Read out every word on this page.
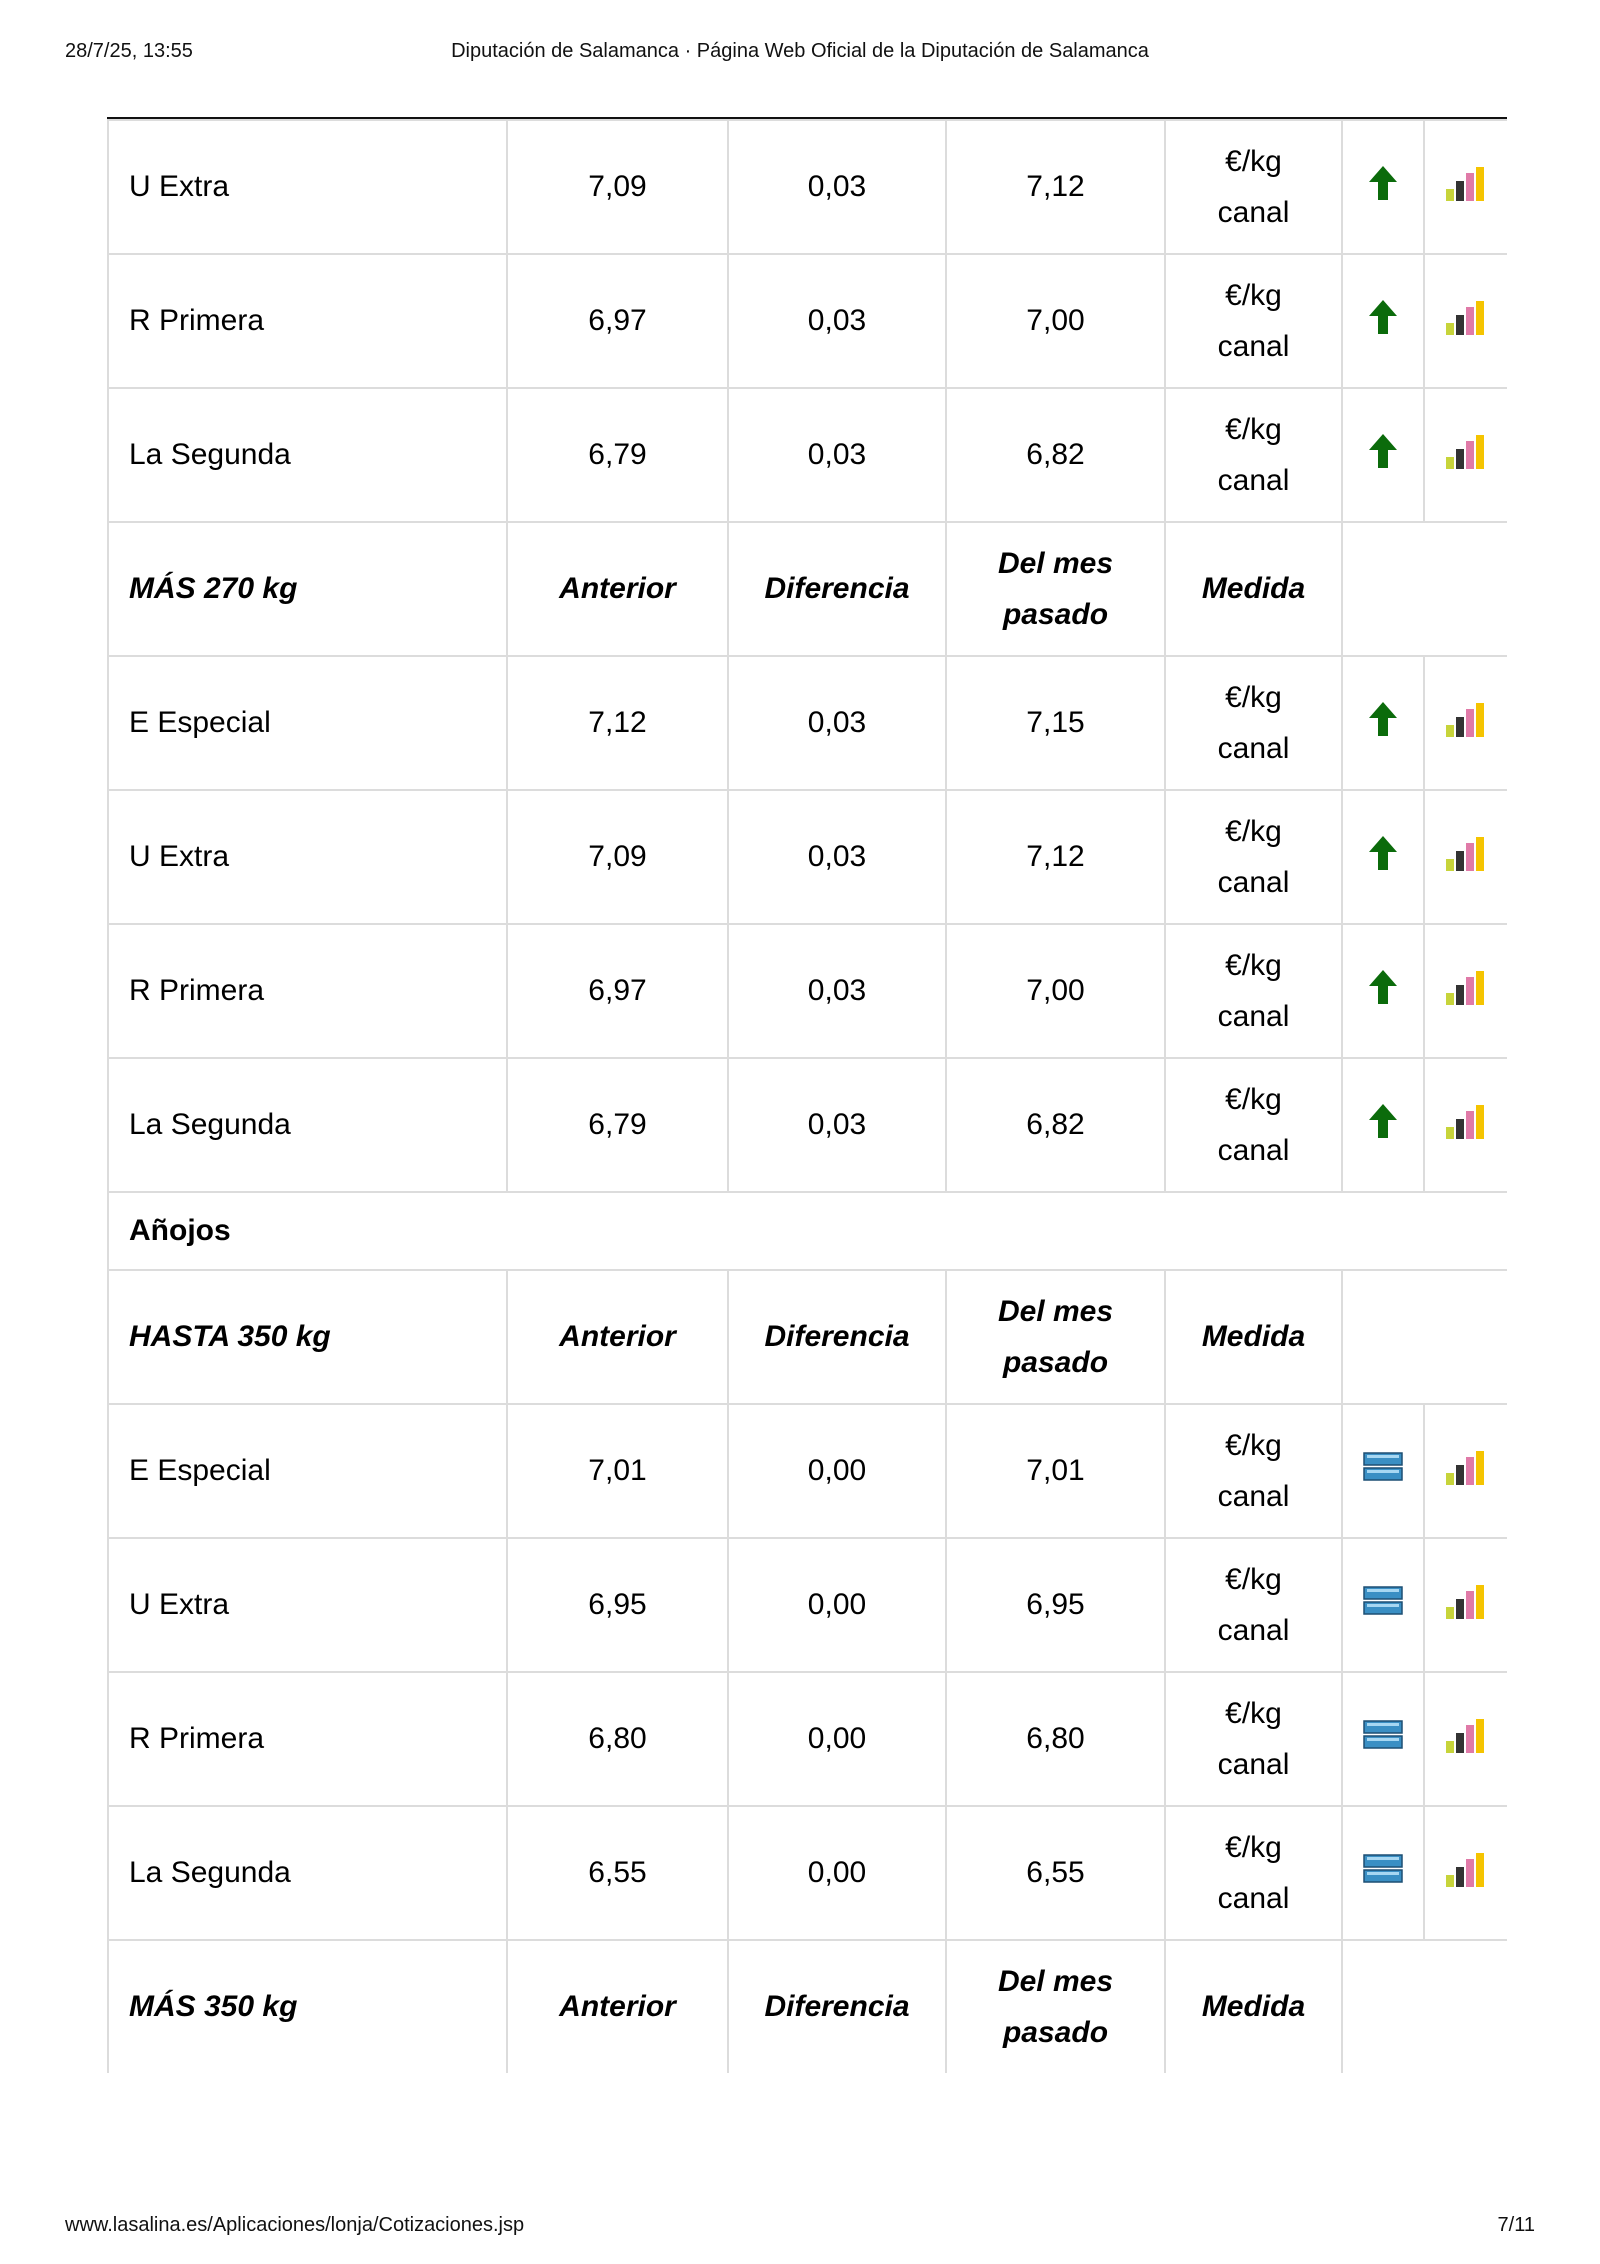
28/7/25, 13:55	Diputación de Salamanca · Página Web Oficial de la Diputación de Salamanca
U Extra	7,09	0,03	7,12	€/kg
canal

R Primera	6,97	0,03	7,00	€/kg
canal

La Segunda	6,79	0,03	6,82	€/kg
canal

MÁS 270 kg	Anterior	Diferencia	Del mes
pasado	Medida		
E Especial	7,12	0,03	7,15	€/kg
canal

U Extra	7,09	0,03	7,12	€/kg
canal

R Primera	6,97	0,03	7,00	€/kg
canal

La Segunda	6,79	0,03	6,82	€/kg
canal

Añojos						
HASTA 350 kg	Anterior	Diferencia	Del mes
pasado	Medida		
E Especial	7,01	0,00	7,01	€/kg
canal

U Extra	6,95	0,00	6,95	€/kg
canal

R Primera	6,80	0,00	6,80	€/kg
canal

La Segunda	6,55	0,00	6,55	€/kg
canal

MÁS 350 kg	Anterior	Diferencia	Del mes
pasado	Medida		
www.lasalina.es/Aplicaciones/lonja/Cotizaciones.jsp	7/11
